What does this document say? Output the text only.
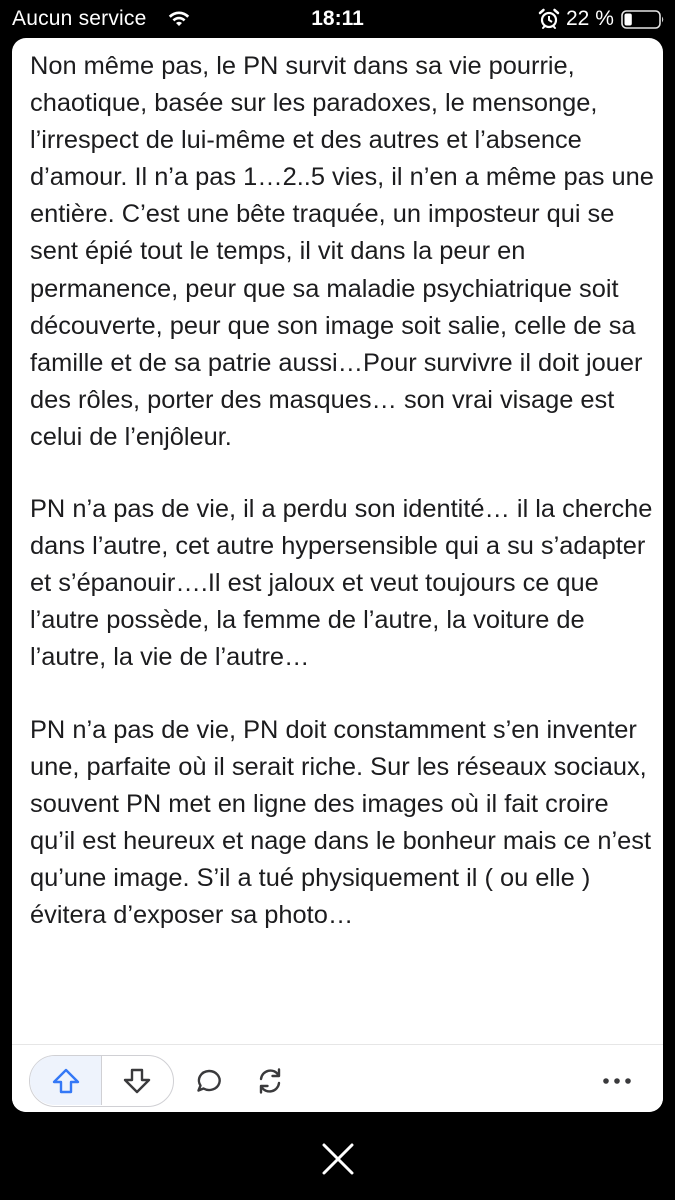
Aucun service	18:11	22 %

Non même pas, le PN survit dans sa vie pourrie, chaotique, basée sur les paradoxes, le mensonge, l’irrespect de lui-même et des autres et l’absence d’amour. Il n’a pas 1…2..5 vies, il n’en a même pas une entière. C’est une bête traquée, un imposteur qui se sent épié tout le temps, il vit dans la peur en permanence, peur que sa maladie psychiatrique soit découverte, peur que son image soit salie, celle de sa famille et de sa patrie aussi…Pour survivre il doit jouer des rôles, porter des masques… son vrai visage est celui de l’enjôleur.

PN n’a pas de vie, il a perdu son identité… il la cherche dans l’autre, cet autre hypersensible qui a su s’adapter et s’épanouir….Il est jaloux et veut toujours ce que l’autre possède, la femme de l’autre, la voiture de l’autre, la vie de l’autre…

PN n’a pas de vie, PN doit constamment s’en inventer une, parfaite où il serait riche. Sur les réseaux sociaux, souvent PN met en ligne des images où il fait croire qu’il est heureux et nage dans le bonheur mais ce n’est qu’une image. S’il a tué physiquement il ( ou elle ) évitera d’exposer sa photo…
